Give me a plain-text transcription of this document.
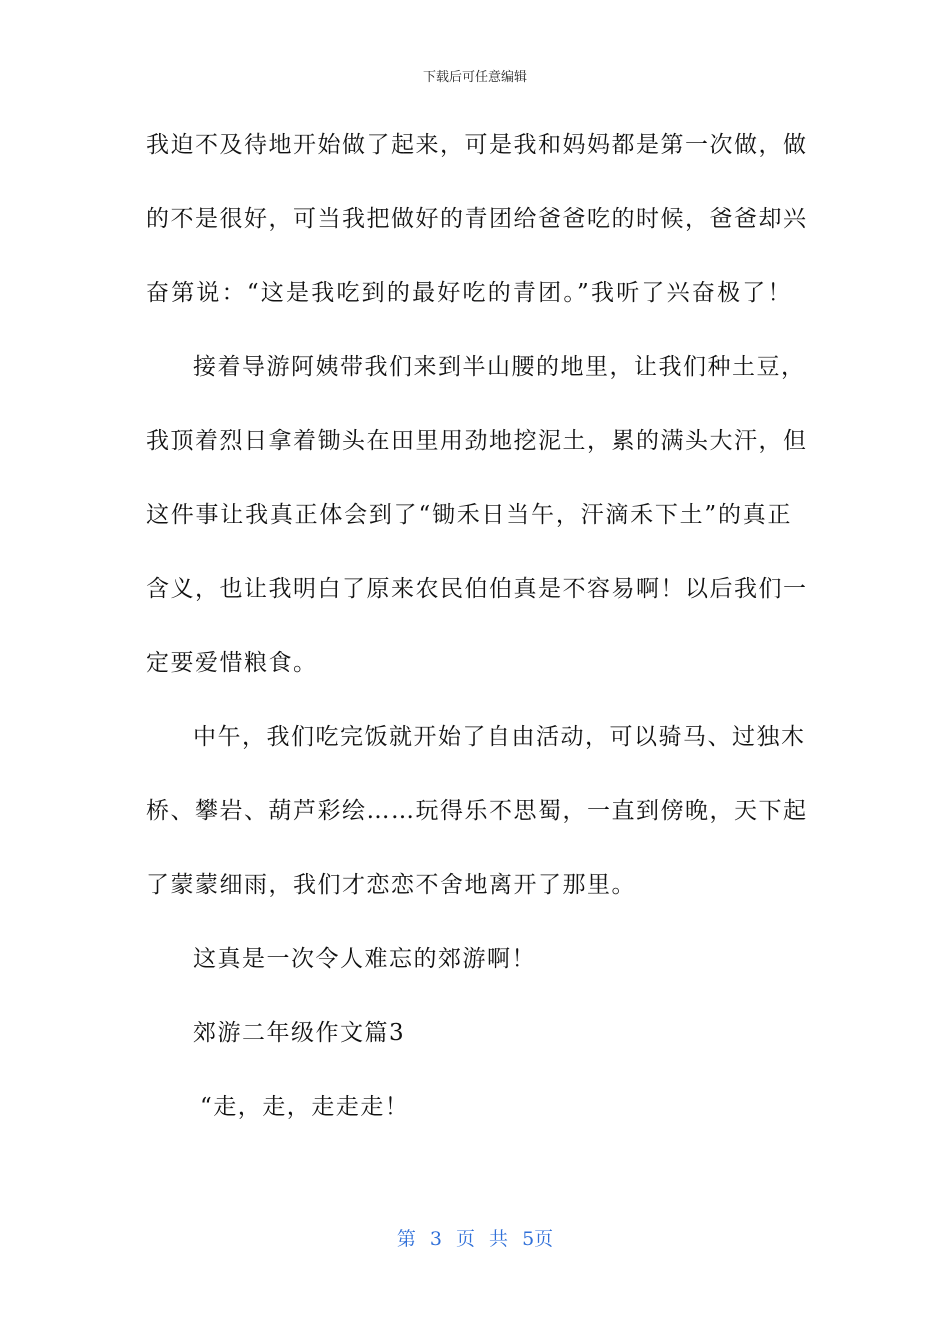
下载后可任意编辑
我迫不及待地开始做了起来，可是我和妈妈都是第一次做，做
的不是很好，可当我把做好的青团给爸爸吃的时候，爸爸却兴
奋第说：“这是我吃到的最好吃的青团。”我听了兴奋极了！
接着导游阿姨带我们来到半山腰的地里，让我们种土豆，
我顶着烈日拿着锄头在田里用劲地挖泥土，累的满头大汗，但
这件事让我真正体会到了“锄禾日当午，汗滴禾下土”的真正
含义，也让我明白了原来农民伯伯真是不容易啊！以后我们一
定要爱惜粮食。
中午，我们吃完饭就开始了自由活动，可以骑马、过独木
桥、攀岩、葫芦彩绘……玩得乐不思蜀，一直到傍晚，天下起
了蒙蒙细雨，我们才恋恋不舍地离开了那里。
这真是一次令人难忘的郊游啊！
郊游二年级作文篇3
“走，走，走走走！
第 3 页 共 5页
